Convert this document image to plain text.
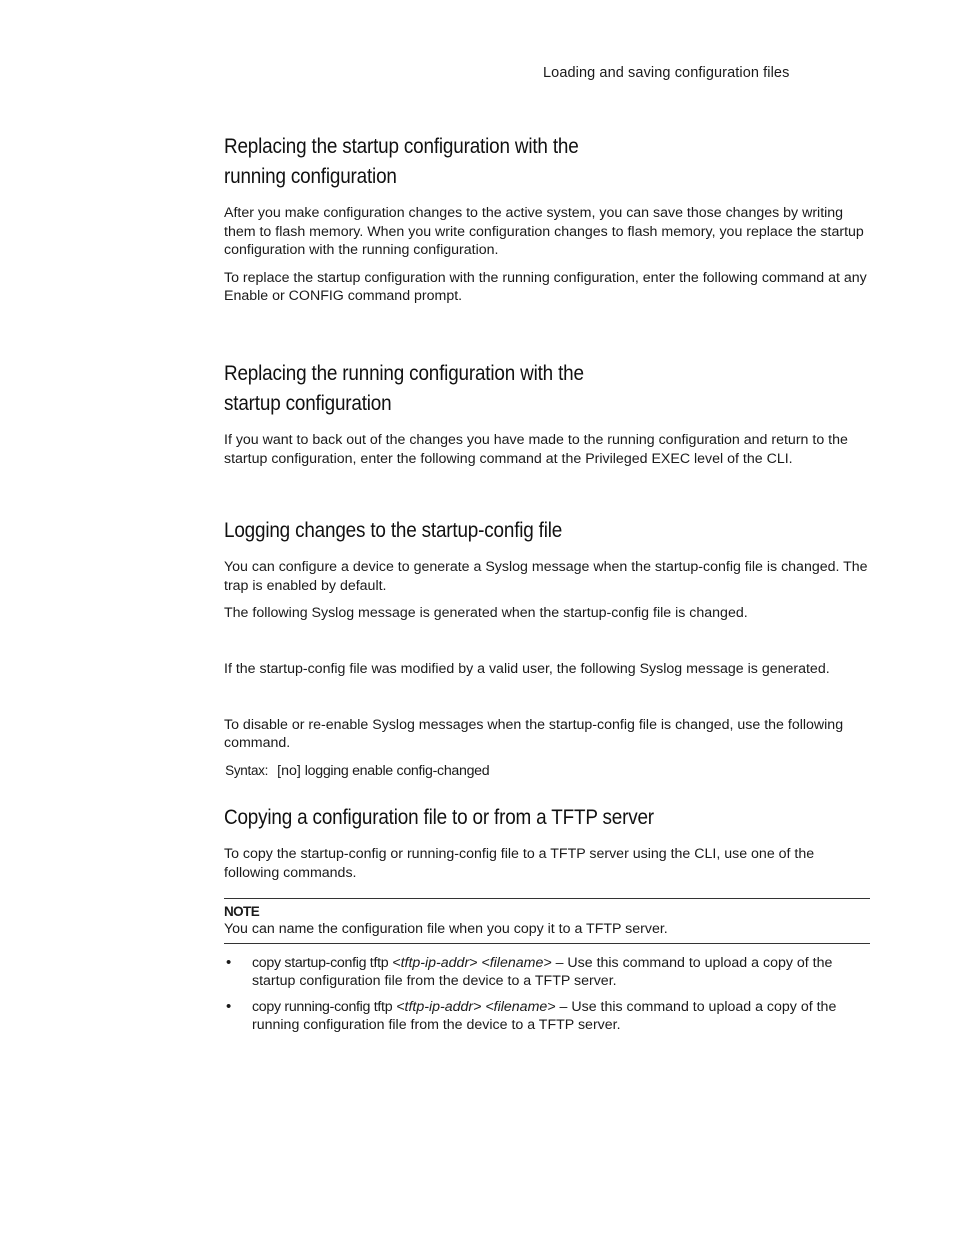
Loading and saving configuration files
Replacing the startup configuration with the
running configuration

After you make configuration changes to the active system, you can save those changes by writing them to flash memory. When you write configuration changes to flash memory, you replace the startup configuration with the running configuration.

To replace the startup configuration with the running configuration, enter the following command at any Enable or CONFIG command prompt.

Replacing the running configuration with the
startup configuration

If you want to back out of the changes you have made to the running configuration and return to the startup configuration, enter the following command at the Privileged EXEC level of the CLI.

Logging changes to the startup-config file

You can configure a device to generate a Syslog message when the startup-config file is changed. The trap is enabled by default.

The following Syslog message is generated when the startup-config file is changed.

If the startup-config file was modified by a valid user, the following Syslog message is generated.

To disable or re-enable Syslog messages when the startup-config file is changed, use the following command.

Syntax: [no] logging enable config-changed

Copying a configuration file to or from a TFTP server

To copy the startup-config or running-config file to a TFTP server using the CLI, use one of the following commands.

NOTE
You can name the configuration file when you copy it to a TFTP server.
• copy startup-config tftp <tftp-ip-addr> <filename> – Use this command to upload a copy of the startup configuration file from the device to a TFTP server.
• copy running-config tftp <tftp-ip-addr> <filename> – Use this command to upload a copy of the running configuration file from the device to a TFTP server.
